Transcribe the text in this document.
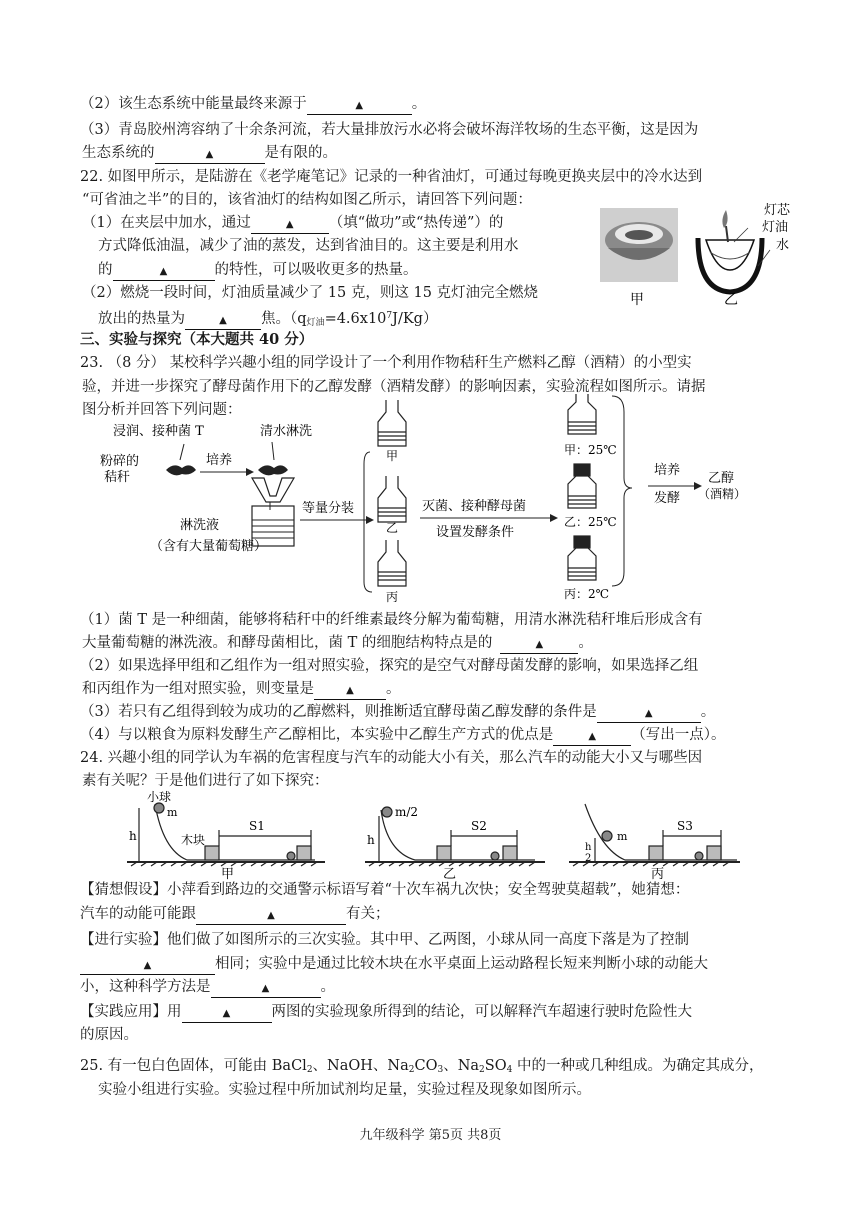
（2）该生态系统中能量最终来源于	▲	。
（3）青岛胶州湾容纳了十余条河流，若大量排放污水必将会破坏海洋牧场的生态平衡，这是因为
生态系统的	▲	是有限的。
22. 如图甲所示，是陆游在《老学庵笔记》记录的一种省油灯，可通过每晚更换夹层中的冷水达到
“可省油之半”的目的，该省油灯的结构如图乙所示，请回答下列问题：
（1）在夹层中加水，通过	▲ （填“做功”或“热传递”）的
方式降低油温，减少了油的蒸发，达到省油目的。这主要是利用水
的	▲	的特性，可以吸收更多的热量。
（2）燃烧一段时间，灯油质量减少了 15 克，则这 15 克灯油完全燃烧
放出的热量为	▲ 焦。$(q_{灯油}=4.6x10^7J/Kg)$
甲
灯芯
灯油
水
乙
三、实验与探究（本大题共 40 分）
23. （8 分） 某校科学兴趣小组的同学设计了一个利用作物秸秆生产燃料乙醇（酒精）的小型实
验，并进一步探究了酵母菌作用下的乙醇发酵（酒精发酵）的影响因素，实验流程如图所示。请据
图分析并回答下列问题：
浸润、接种菌 T	清水淋洗
粉碎的
秸秆
培养
淋洗液
（含有大量葡萄糖）
等量分装
甲
乙
丙
灭菌、接种酵母菌
设置发酵条件
甲：25℃
乙：25℃
丙：2℃
培养
发酵
乙醇
（酒精）
（1）菌 T 是一种细菌，能够将秸秆中的纤维素最终分解为葡萄糖，用清水淋洗秸秆堆后形成含有
大量葡萄糖的淋洗液。和酵母菌相比，菌 T 的细胞结构特点是的	▲ 。
（2）如果选择甲组和乙组作为一组对照实验，探究的是空气对酵母菌发酵的影响，如果选择乙组
和丙组作为一组对照实验，则变量是	▲ 。
（3）若只有乙组得到较为成功的乙醇燃料，则推断适宜酵母菌乙醇发酵的条件是	▲	。
（4）与以粮食为原料发酵生产乙醇相比，本实验中乙醇生产方式的优点是	▲ （写出一点）。
24. 兴趣小组的同学认为车祸的危害程度与汽车的动能大小有关，那么汽车的动能大小又与哪些因
素有关呢？于是他们进行了如下探究：
小球
m
h	木块
S1
甲
m/2
h
S2
乙
m
h
2
S3
丙
【猜想假设】小萍看到路边的交通警示标语写着“十次车祸九次快；安全驾驶莫超载”，她猜想：
汽车的动能可能跟	▲	有关；
【进行实验】他们做了如图所示的三次实验。其中甲、乙两图，小球从同一高度下落是为了控制
▲	相同；实验中是通过比较木块在水平桌面上运动路程长短来判断小球的动能大
小，这种科学方法是	▲	。
【实践应用】用	▲	两图的实验现象所得到的结论，可以解释汽车超速行驶时危险性大
的原因。
25. 有一包白色固体，可能由 BaCl$_2$、NaOH、$Na_2CO_3$、$Na_2SO_4$ 中的一种或几种组成。为确定其成分，
实验小组进行实验。实验过程中所加试剂均足量，实验过程及现象如图所示。
九年级科学 第5页 共8页
